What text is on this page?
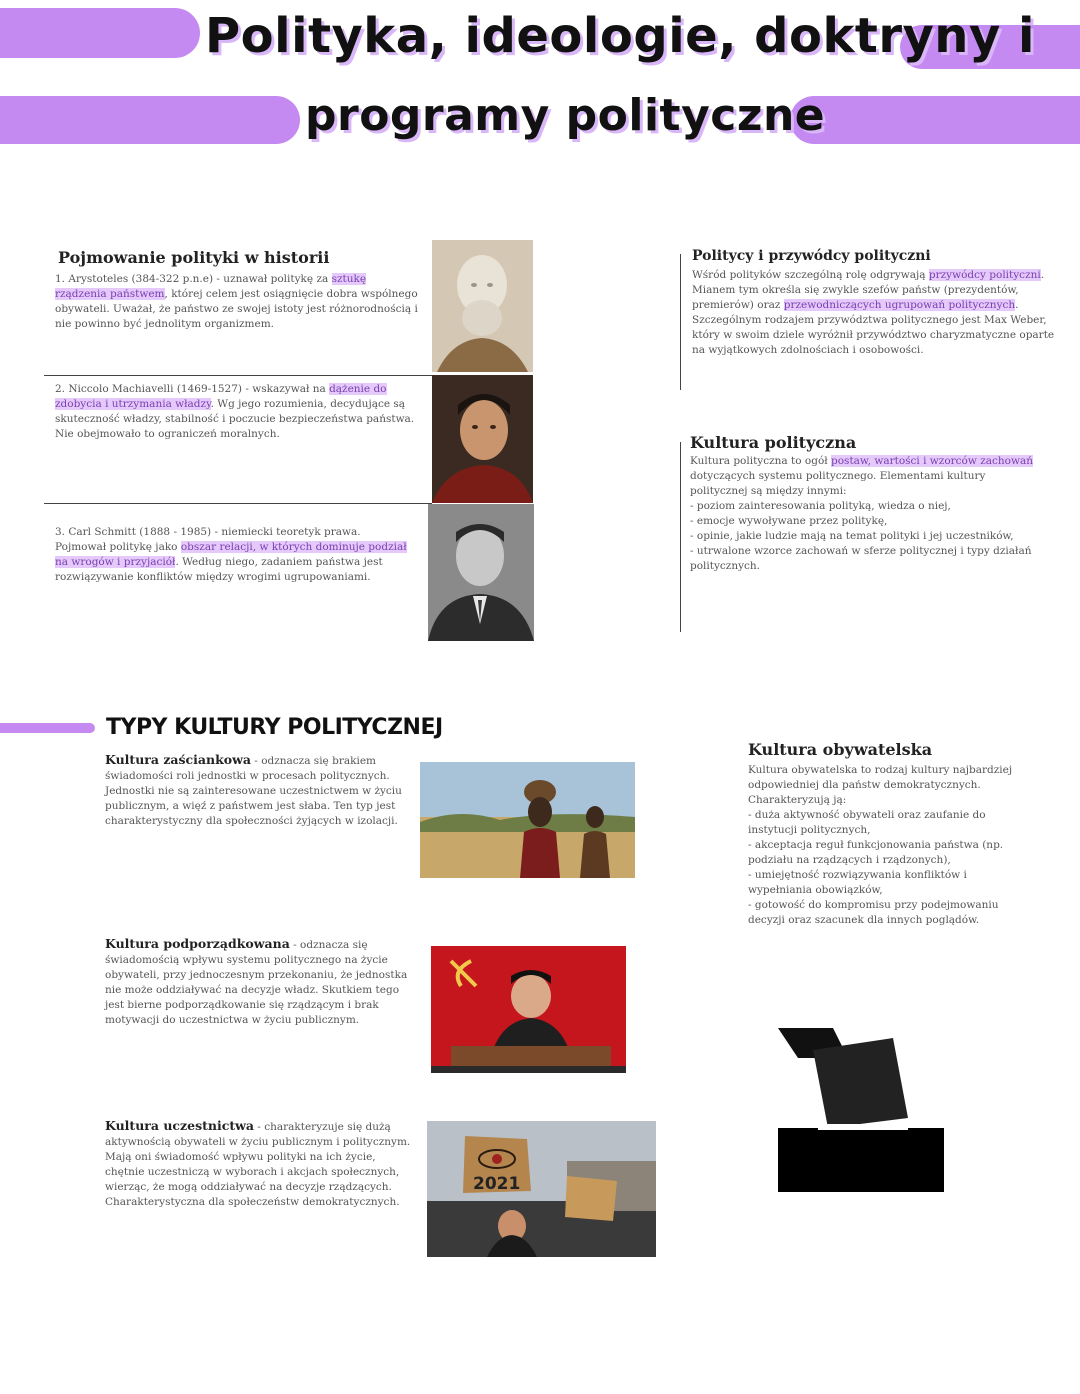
Polityka, ideologie, doktryny i
programy polityczne
Pojmowanie polityki w historii
1. Arystoteles (384-322 p.n.e) - uznawał politykę za sztukę rządzenia państwem, której celem jest osiągnięcie dobra wspólnego obywateli. Uważał, że państwo ze swojej istoty jest różnorodnością i nie powinno być jednolitym organizmem.
2. Niccolo Machiavelli (1469-1527) - wskazywał na dążenie do zdobycia i utrzymania władzy. Wg jego rozumienia, decydujące są skuteczność władzy, stabilność i poczucie bezpieczeństwa państwa. Nie obejmowało to ograniczeń moralnych.
3. Carl Schmitt (1888 - 1985) - niemiecki teoretyk prawa. Pojmował politykę jako obszar relacji, w których dominuje podział na wrogów i przyjaciół. Według niego, zadaniem państwa jest rozwiązywanie konfliktów między wrogimi ugrupowaniami.
Politycy i przywódcy polityczni
Wśród polityków szczególną rolę odgrywają przywódcy polityczni. Mianem tym określa się zwykle szefów państw (prezydentów, premierów) oraz przewodniczących ugrupowań politycznych. Szczególnym rodzajem przywództwa politycznego jest Max Weber, który w swoim dziele wyróżnił przywództwo charyzmatyczne oparte na wyjątkowych zdolnościach i osobowości.
Kultura polityczna
Kultura polityczna to ogół postaw, wartości i wzorców zachowań dotyczących systemu politycznego. Elementami kultury politycznej są między innymi:
- poziom zainteresowania polityką, wiedza o niej,
- emocje wywoływane przez politykę,
- opinie, jakie ludzie mają na temat polityki i jej uczestników,
- utrwalone wzorce zachowań w sferze politycznej i typy działań politycznych.
TYPY KULTURY POLITYCZNEJ
Kultura zaściankowa - odznacza się brakiem świadomości roli jednostki w procesach politycznych. Jednostki nie są zainteresowane uczestnictwem w życiu publicznym, a więź z państwem jest słaba. Ten typ jest charakterystyczny dla społeczności żyjących w izolacji.
Kultura podporządkowana - odznacza się świadomością wpływu systemu politycznego na życie obywateli, przy jednoczesnym przekonaniu, że jednostka nie może oddziaływać na decyzje władz. Skutkiem tego jest bierne podporządkowanie się rządzącym i brak motywacji do uczestnictwa w życiu publicznym.
Kultura uczestnictwa - charakteryzuje się dużą aktywnością obywateli w życiu publicznym i politycznym. Mają oni świadomość wpływu polityki na ich życie, chętnie uczestniczą w wyborach i akcjach społecznych, wierząc, że mogą oddziaływać na decyzje rządzących. Charakterystyczna dla społeczeństw demokratycznych.
2021
Kultura obywatelska
Kultura obywatelska to rodzaj kultury najbardziej odpowiedniej dla państw demokratycznych. Charakteryzują ją:
- duża aktywność obywateli oraz zaufanie do instytucji politycznych,
- akceptacja reguł funkcjonowania państwa (np. podziału na rządzących i rządzonych),
- umiejętność rozwiązywania konfliktów i wypełniania obowiązków,
- gotowość do kompromisu przy podejmowaniu decyzji oraz szacunek dla innych poglądów.
